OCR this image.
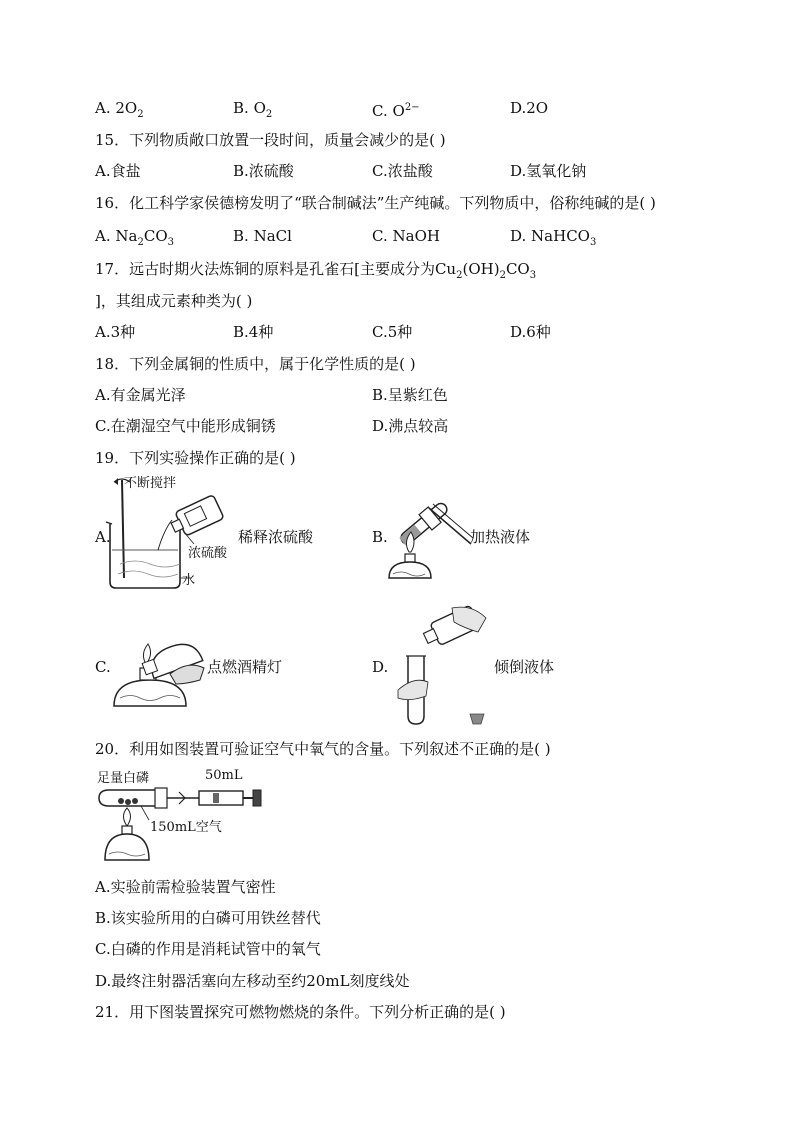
A. $2O_2$	B. $O_2$	C. $O^{2-}$	D.2O
15．下列物质敞口放置一段时间，质量会减少的是( )
A.食盐	B.浓硫酸	C.浓盐酸	D.氢氧化钠
16．化工科学家侯德榜发明了“联合制碱法”生产纯碱。下列物质中，俗称纯碱的是( )
A. $Na_2CO_3$	B. NaCl	C. NaOH	D. NaHCO$_3$
17．远古时期火法炼铜的原料是孔雀石[主要成分为$Cu_2(OH)_2CO_3$
]，其组成元素种类为( )
A.3种	B.4种	C.5种	D.6种
18．下列金属铜的性质中，属于化学性质的是( )
A.有金属光泽	B.呈紫红色
C.在潮湿空气中能形成铜锈	D.沸点较高
19．下列实验操作正确的是( )
A.
不断搅拌
浓硫酸
水
稀释浓硫酸	B.	加热液体
C.	点燃酒精灯	D.	倾倒液体
20．利用如图装置可验证空气中氧气的含量。下列叙述不正确的是( )
足量白磷	50mL
150mL空气
A.实验前需检验装置气密性
B.该实验所用的白磷可用铁丝替代
C.白磷的作用是消耗试管中的氧气
D.最终注射器活塞向左移动至约20mL刻度线处
21．用下图装置探究可燃物燃烧的条件。下列分析正确的是( )
